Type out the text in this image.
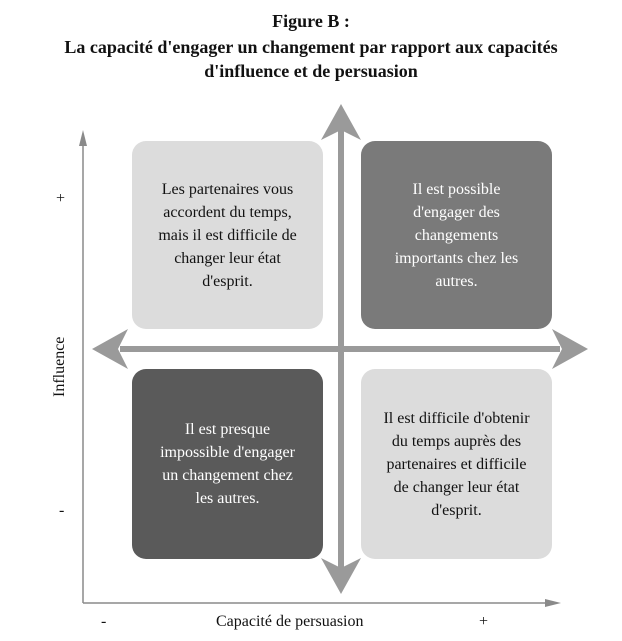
Figure B :
La capacité d'engager un changement par rapport aux capacités
d'influence et de persuasion
Les partenaires vous
accordent du temps,
mais il est difficile de
changer leur état
d'esprit.
Il est possible
d'engager des
changements
importants chez les
autres.
Il est presque
impossible d'engager
un changement chez
les autres.
Il est difficile d'obtenir
du temps auprès des
partenaires et difficile
de changer leur état
d'esprit.
+
Influence
-
-	Capacité de persuasion	+
